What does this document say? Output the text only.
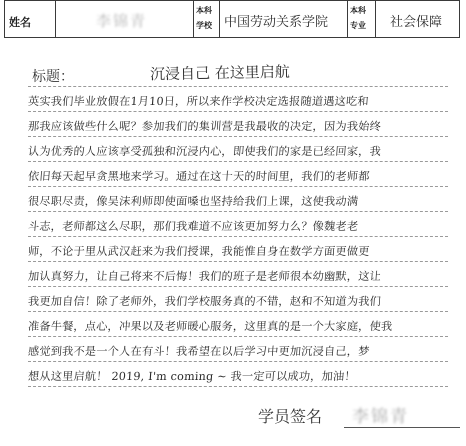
姓名	李锦青
本科
学校 中国劳动关系学院
本科
专业 社会保障
标题：	沉浸自己 在这里启航
英实我们毕业放假在1月10日，所以来作学校决定选报随道遇这吃和
那我应该做些什么呢？参加我们的集训营是我最收的决定，因为我始终
认为优秀的人应该享受孤独和沉浸内心，即使我们的家是已经回家，我
依旧每天起早贪黑地来学习。通过在这十天的时间里，我们的老师都
很尽职尽责，像吴沫利师即使面嗓也坚持给我们上课，这使我动满
斗志，老师都这么尽职，那们我难道不应该更加努力么？像魏老老
师，不论于里从武汉赶来为我们授课，我能惟自身在数学方面更做更
加认真努力，让自己将来不后悔！我们的班子是老师很本幼幽默，这让
我更加自信！除了老师外，我们学校服务真的不错，赵和不知道为我们
准备牛餐，点心，冲果以及老师暖心服务，这里真的是一个大家庭，使我
感觉到我不是一个人在有斗！我希望在以后学习中更加沉浸自己，梦
想从这里启航！ 2019, I'm coming ~ 我一定可以成功，加油！
学员签名 李锦青
